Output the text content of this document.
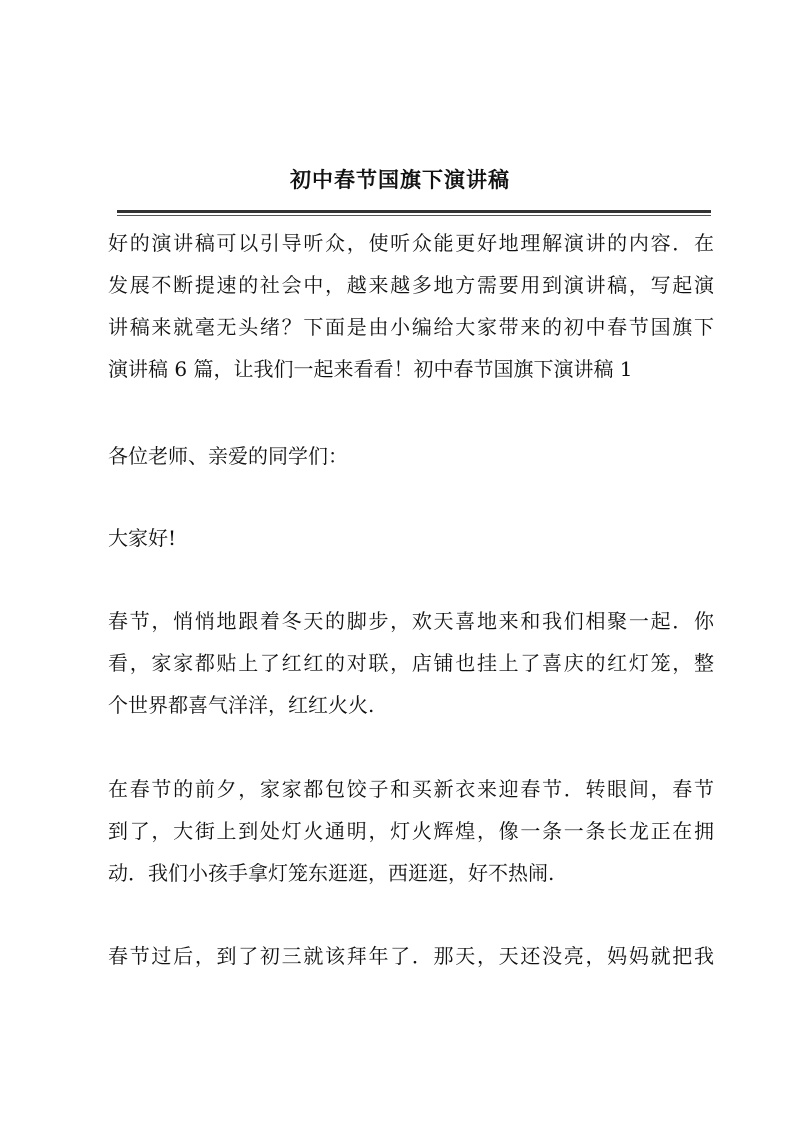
初中春节国旗下演讲稿

好的演讲稿可以引导听众，使听众能更好地理解演讲的内容．在
发展不断提速的社会中，越来越多地方需要用到演讲稿，写起演
讲稿来就毫无头绪？下面是由小编给大家带来的初中春节国旗下
演讲稿 6 篇，让我们一起来看看！初中春节国旗下演讲稿 1

各位老师、亲爱的同学们：

大家好!

春节，悄悄地跟着冬天的脚步，欢天喜地来和我们相聚一起．你
看，家家都贴上了红红的对联，店铺也挂上了喜庆的红灯笼，整
个世界都喜气洋洋，红红火火.

在春节的前夕，家家都包饺子和买新衣来迎春节．转眼间，春节
到了，大街上到处灯火通明，灯火辉煌，像一条一条长龙正在拥
动．我们小孩手拿灯笼东逛逛，西逛逛，好不热闹.

春节过后，到了初三就该拜年了．那天，天还没亮，妈妈就把我
